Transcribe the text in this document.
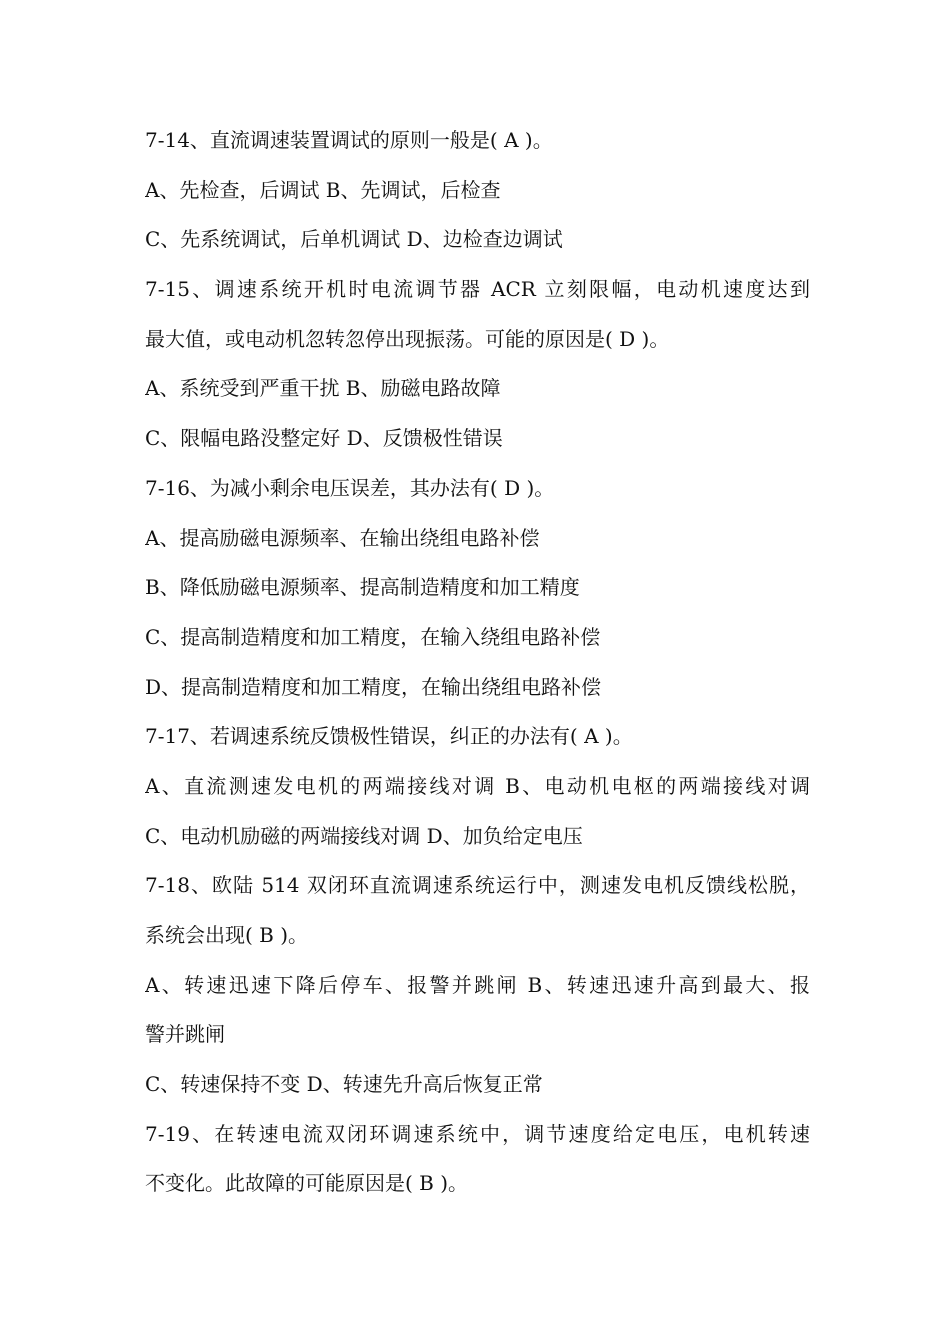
7-14、直流调速装置调试的原则一般是( A )。
A、先检查，后调试 B、先调试，后检查
C、先系统调试，后单机调试 D、边检查边调试
7-15、调速系统开机时电流调节器 ACR 立刻限幅，电动机速度达到
最大值，或电动机忽转忽停出现振荡。可能的原因是( D )。
A、系统受到严重干扰 B、励磁电路故障
C、限幅电路没整定好 D、反馈极性错误
7-16、为减小剩余电压误差，其办法有( D )。
A、提高励磁电源频率、在输出绕组电路补偿
B、降低励磁电源频率、提高制造精度和加工精度
C、提高制造精度和加工精度，在输入绕组电路补偿
D、提高制造精度和加工精度，在输出绕组电路补偿
7-17、若调速系统反馈极性错误，纠正的办法有( A )。
A、直流测速发电机的两端接线对调 B、电动机电枢的两端接线对调
C、电动机励磁的两端接线对调 D、加负给定电压
7-18、欧陆 514 双闭环直流调速系统运行中，测速发电机反馈线松脱，
系统会出现( B )。
A、转速迅速下降后停车、报警并跳闸 B、转速迅速升高到最大、报
警并跳闸
C、转速保持不变 D、转速先升高后恢复正常
7-19、在转速电流双闭环调速系统中，调节速度给定电压，电机转速
不变化。此故障的可能原因是( B )。
